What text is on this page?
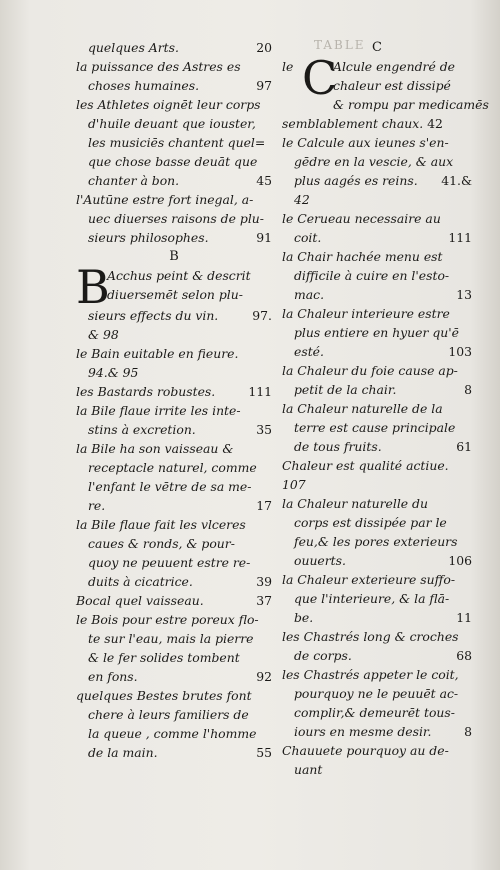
TABLE
quelques Arts.	20
la puissance des Astres es
choses humaines.	97
les Athletes oignēt leur corps
d'huile deuant que iouster,
les musiciēs chantent quel=
que chose basse deuāt que
chanter à bon.	45
l'Autūne estre fort inegal, a-
uec diuerses raisons de plu-
sieurs philosophes.	91
B
B
Acchus peint & descrit
diuersemēt selon plu-
sieurs effects du vin.	97.
& 98
le Bain euitable en fieure.
94.& 95
les Bastards robustes.	111
la Bile flaue irrite les inte-
stins à excretion.	35
la Bile ha son vaisseau &
receptacle naturel, comme
l'enfant le vētre de sa me-
re.	17
la Bile flaue fait les vlceres
caues & ronds, & pour-
quoy ne peuuent estre re-
duits à cicatrice.	39
Bocal quel vaisseau.	37
le Bois pour estre poreux flo-
te sur l'eau, mais la pierre
& le fer solides tombent
en fons.	92
quelques Bestes brutes font
chere à leurs familiers de
la queue , comme l'homme
de la main.	55
C
le C
Alcule engendré de
chaleur est dissipé
& rompu par medicamēs
semblablement chaux. 42
le Calcule aux ieunes s'en-
gēdre en la vescie, & aux
plus aagés es reins. 41.&
42
le Cerueau necessaire au
coit.	111
la Chair hachée menu est
difficile à cuire en l'esto-
mac.	13
la Chaleur interieure estre
plus entiere en hyuer qu'ē
esté.	103
la Chaleur du foie cause ap-
petit de la chair.	8
la Chaleur naturelle de la
terre est cause principale
de tous fruits.	61
Chaleur est qualité actiue.
107
la Chaleur naturelle du
corps est dissipée par le
feu,& les pores exterieurs
ouuerts.	106
la Chaleur exterieure suffo-
que l'interieure, & la flā-
be.	11
les Chastrés long & croches
de corps.	68
les Chastrés appeter le coit,
pourquoy ne le peuuēt ac-
complir,& demeurēt tous-
iours en mesme desir.	8
Chauuete pourquoy au de-
uant
